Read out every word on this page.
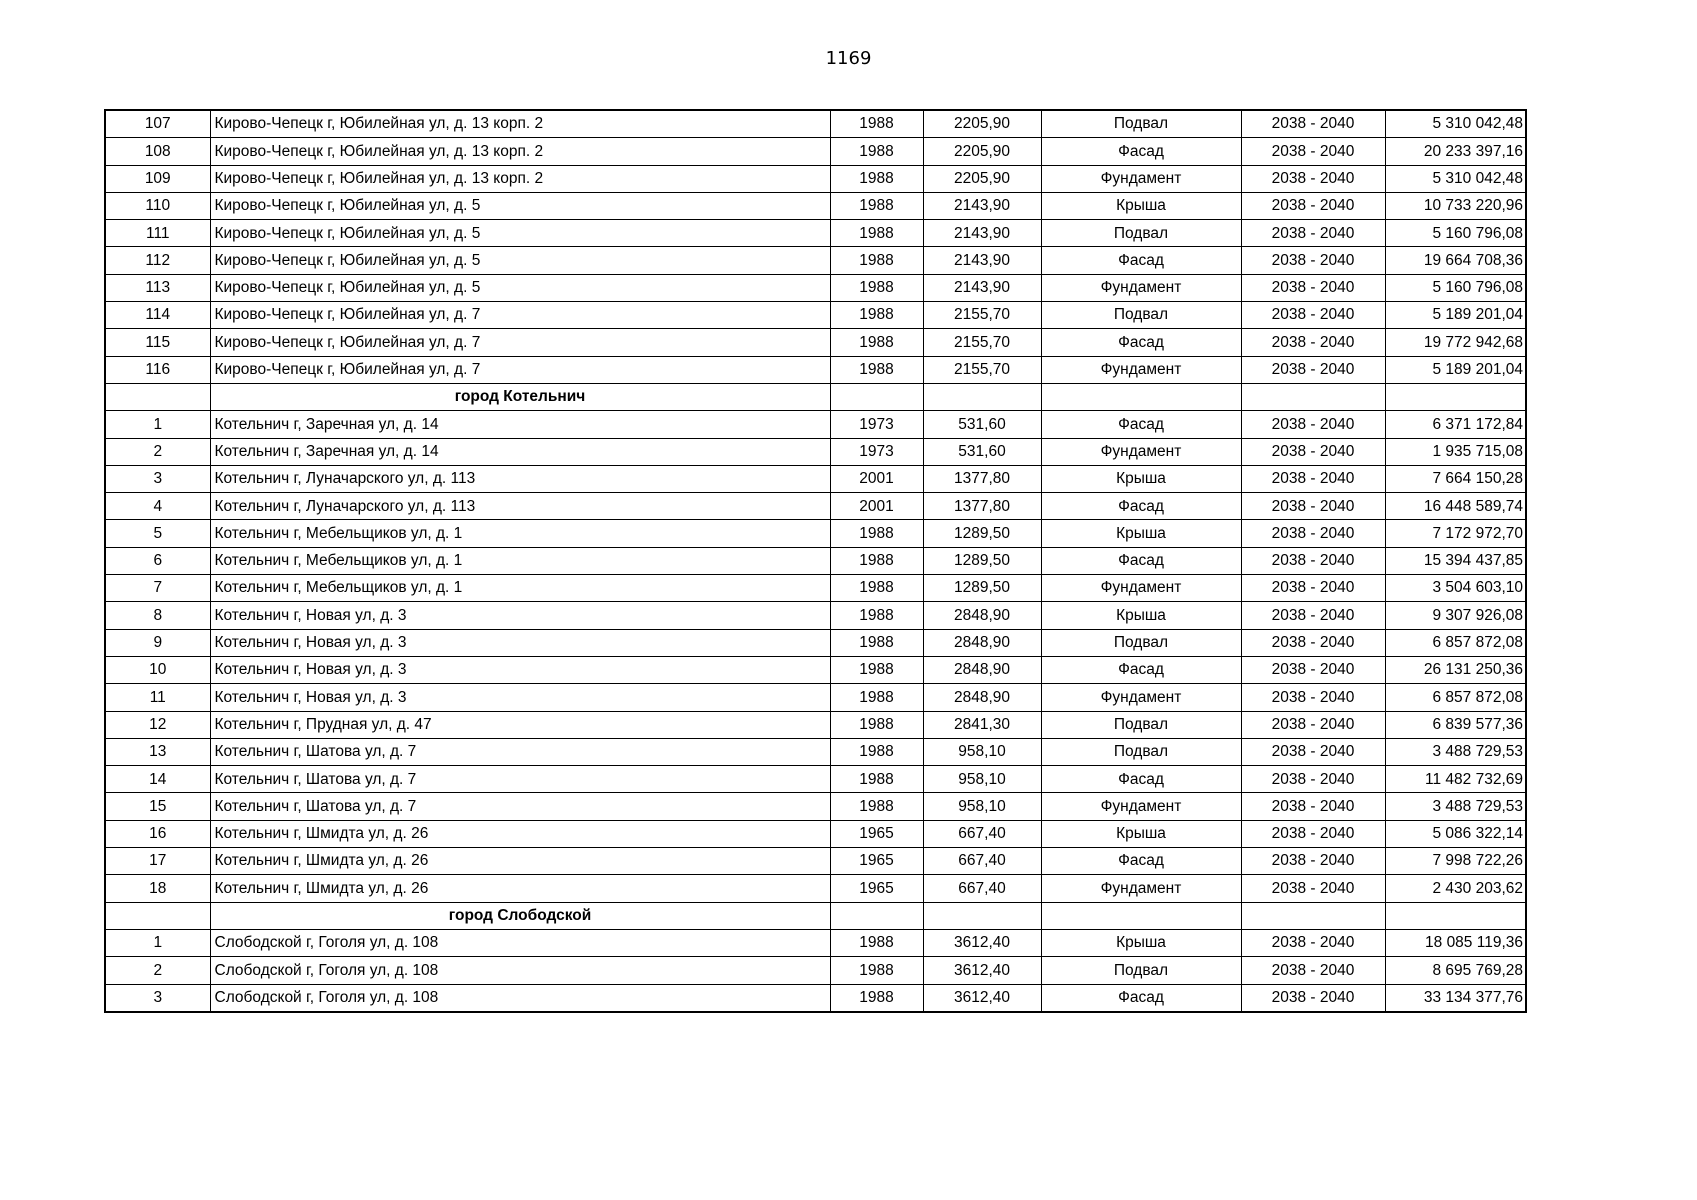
1169
107	Кирово-Чепецк г, Юбилейная ул, д. 13 корп. 2	1988	2205,90	Подвал	2038 - 2040	5 310 042,48
108	Кирово-Чепецк г, Юбилейная ул, д. 13 корп. 2	1988	2205,90	Фасад	2038 - 2040	20 233 397,16
109	Кирово-Чепецк г, Юбилейная ул, д. 13 корп. 2	1988	2205,90	Фундамент	2038 - 2040	5 310 042,48
110	Кирово-Чепецк г, Юбилейная ул, д. 5	1988	2143,90	Крыша	2038 - 2040	10 733 220,96
111	Кирово-Чепецк г, Юбилейная ул, д. 5	1988	2143,90	Подвал	2038 - 2040	5 160 796,08
112	Кирово-Чепецк г, Юбилейная ул, д. 5	1988	2143,90	Фасад	2038 - 2040	19 664 708,36
113	Кирово-Чепецк г, Юбилейная ул, д. 5	1988	2143,90	Фундамент	2038 - 2040	5 160 796,08
114	Кирово-Чепецк г, Юбилейная ул, д. 7	1988	2155,70	Подвал	2038 - 2040	5 189 201,04
115	Кирово-Чепецк г, Юбилейная ул, д. 7	1988	2155,70	Фасад	2038 - 2040	19 772 942,68
116	Кирово-Чепецк г, Юбилейная ул, д. 7	1988	2155,70	Фундамент	2038 - 2040	5 189 201,04
	город Котельнич					
1	Котельнич г, Заречная ул, д. 14	1973	531,60	Фасад	2038 - 2040	6 371 172,84
2	Котельнич г, Заречная ул, д. 14	1973	531,60	Фундамент	2038 - 2040	1 935 715,08
3	Котельнич г, Луначарского ул, д. 113	2001	1377,80	Крыша	2038 - 2040	7 664 150,28
4	Котельнич г, Луначарского ул, д. 113	2001	1377,80	Фасад	2038 - 2040	16 448 589,74
5	Котельнич г, Мебельщиков ул, д. 1	1988	1289,50	Крыша	2038 - 2040	7 172 972,70
6	Котельнич г, Мебельщиков ул, д. 1	1988	1289,50	Фасад	2038 - 2040	15 394 437,85
7	Котельнич г, Мебельщиков ул, д. 1	1988	1289,50	Фундамент	2038 - 2040	3 504 603,10
8	Котельнич г, Новая ул, д. 3	1988	2848,90	Крыша	2038 - 2040	9 307 926,08
9	Котельнич г, Новая ул, д. 3	1988	2848,90	Подвал	2038 - 2040	6 857 872,08
10	Котельнич г, Новая ул, д. 3	1988	2848,90	Фасад	2038 - 2040	26 131 250,36
11	Котельнич г, Новая ул, д. 3	1988	2848,90	Фундамент	2038 - 2040	6 857 872,08
12	Котельнич г, Прудная ул, д. 47	1988	2841,30	Подвал	2038 - 2040	6 839 577,36
13	Котельнич г, Шатова ул, д. 7	1988	958,10	Подвал	2038 - 2040	3 488 729,53
14	Котельнич г, Шатова ул, д. 7	1988	958,10	Фасад	2038 - 2040	11 482 732,69
15	Котельнич г, Шатова ул, д. 7	1988	958,10	Фундамент	2038 - 2040	3 488 729,53
16	Котельнич г, Шмидта ул, д. 26	1965	667,40	Крыша	2038 - 2040	5 086 322,14
17	Котельнич г, Шмидта ул, д. 26	1965	667,40	Фасад	2038 - 2040	7 998 722,26
18	Котельнич г, Шмидта ул, д. 26	1965	667,40	Фундамент	2038 - 2040	2 430 203,62
	город Слободской					
1	Слободской г, Гоголя ул, д. 108	1988	3612,40	Крыша	2038 - 2040	18 085 119,36
2	Слободской г, Гоголя ул, д. 108	1988	3612,40	Подвал	2038 - 2040	8 695 769,28
3	Слободской г, Гоголя ул, д. 108	1988	3612,40	Фасад	2038 - 2040	33 134 377,76
